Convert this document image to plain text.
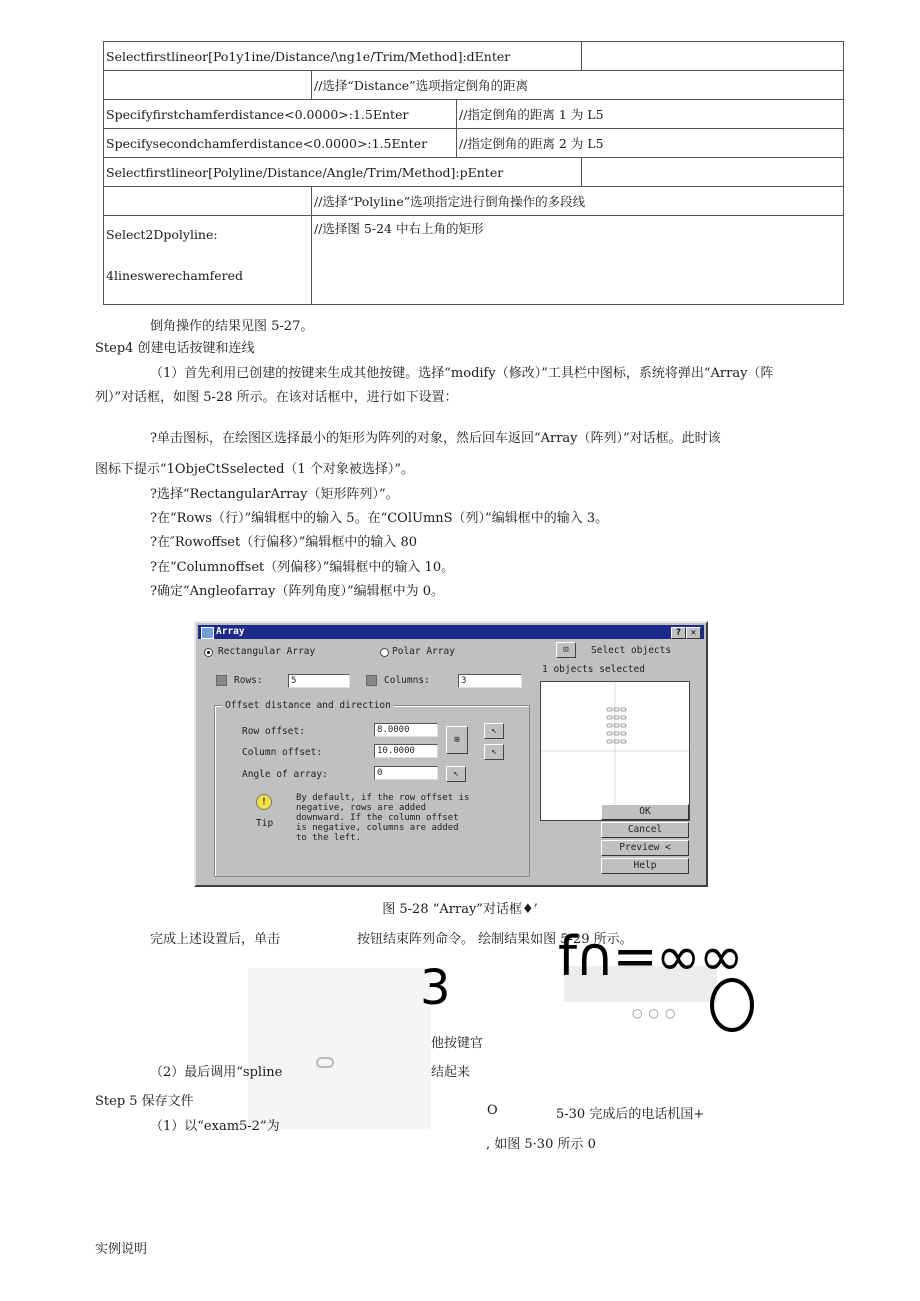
Selectfirstlineor[Po1y1ine/Distance/\ng1e/Trim/Method]:dEnter			
	//选择“Distance”选项指定倒角的距离		
Specifyfirstchamferdistance<0.0000>:1.5Enter		//指定倒角的距离 1 为 L5	
Specifysecondchamferdistance<0.0000>:1.5Enter		//指定倒角的距离 2 为 L5	
Selectfirstlineor[Polyline/Distance/Angle/Trim/Method]:pEnter			
	//选择“Polyline”选项指定进行倒角操作的多段线		

Select2Dpolyline:
4lineswerechamfered	//选择图 5-24 中右上角的矩形		
倒角操作的结果见图 5-27。
Step4 创建电话按键和连线
（1）首先利用已创建的按键来生成其他按键。选择“modify（修改）”工具栏中图标，系统将弹出“Array（阵
列）”对话框，如图 5-28 所示。在该对话框中，进行如下设置：
?单击图标，在绘图区选择最小的矩形为阵列的对象，然后回车返回“Array（阵列）”对话框。此时该
图标下提示“1ObjeCtSselected（1 个对象被选择）”。
?选择“RectangularArray（矩形阵列）”。
?在“Rows（行）”编辑框中的输入 5。在“COlUmnS（列）”编辑框中的输入 3。
?在″Rowoffset（行偏移）”编辑框中的输入 80
?在“Columnoffset（列偏移）”编辑框中的输入 10。
?确定“Angleofarray（阵列角度）”编辑框中为 0。
Array	?	✕
Rectangular Array	Polar Array	⊡	Select objects
1 objects selected
Rows:	5	Columns:	3
Offset distance and direction
Row offset:	8.0000
Column offset:	10.0000
⊞
↖
↖
Angle of array:	0	↖
!
Tip
By default, if the row offset is
negative, rows are added
downward. If the column offset
is negative, columns are added
to the left.
OK
Cancel
Preview <
Help
图 5-28 “Array”对话框♦’
完成上述设置后，单击	按钮结束阵列命令。 绘制结果如图 5-29 所示。
3 f∩=∞∞
○○○
他按键官
（2）最后调用“spline	结起来
Step 5 保存文件
（1）以“exam5-2”为
O	5-30 完成后的电话机国+
, 如图 5·30 所示 0
实例说明
